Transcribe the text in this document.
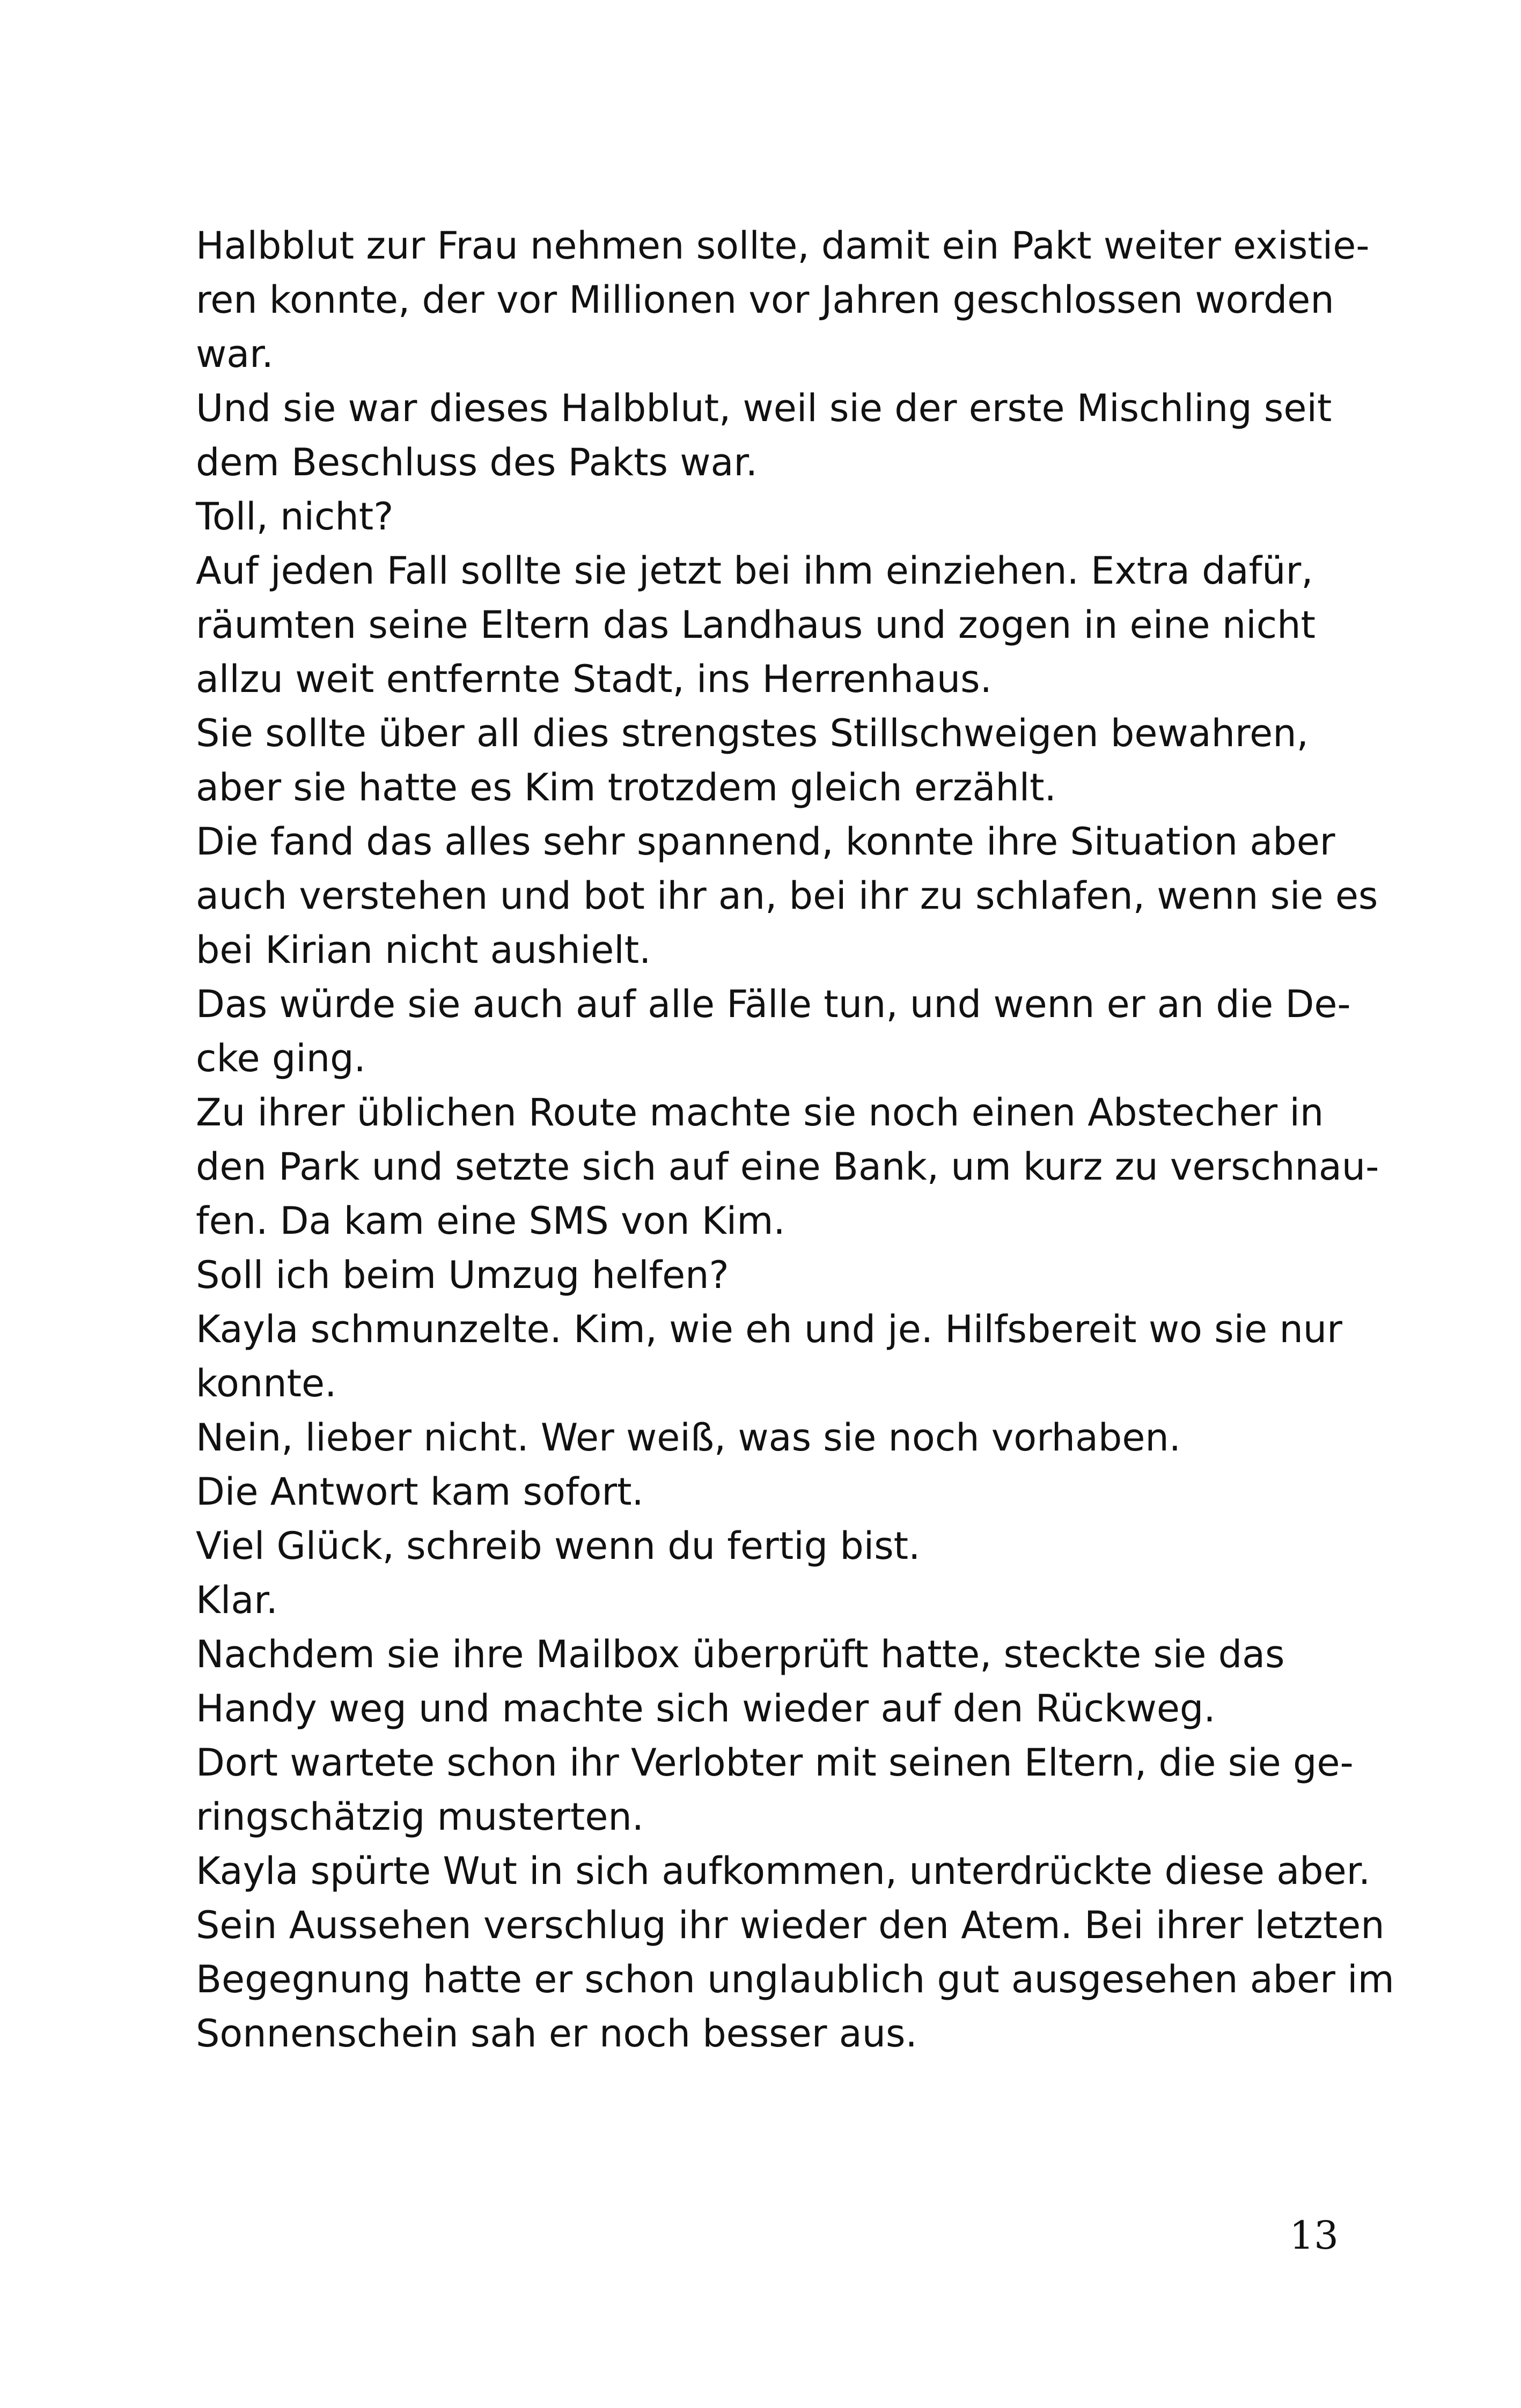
Halbblut zur Frau nehmen sollte, damit ein Pakt weiter existie-
ren konnte, der vor Millionen vor Jahren geschlossen worden
war.
Und sie war dieses Halbblut, weil sie der erste Mischling seit
dem Beschluss des Pakts war.
Toll, nicht?
Auf jeden Fall sollte sie jetzt bei ihm einziehen. Extra dafür,
räumten seine Eltern das Landhaus und zogen in eine nicht
allzu weit entfernte Stadt, ins Herrenhaus.
Sie sollte über all dies strengstes Stillschweigen bewahren,
aber sie hatte es Kim trotzdem gleich erzählt.
Die fand das alles sehr spannend, konnte ihre Situation aber
auch verstehen und bot ihr an, bei ihr zu schlafen, wenn sie es
bei Kirian nicht aushielt.
Das würde sie auch auf alle Fälle tun, und wenn er an die De-
cke ging.
Zu ihrer üblichen Route machte sie noch einen Abstecher in
den Park und setzte sich auf eine Bank, um kurz zu verschnau-
fen. Da kam eine SMS von Kim.
Soll ich beim Umzug helfen?
Kayla schmunzelte. Kim, wie eh und je. Hilfsbereit wo sie nur
konnte.
Nein, lieber nicht. Wer weiß, was sie noch vorhaben.
Die Antwort kam sofort.
Viel Glück, schreib wenn du fertig bist.
Klar.
Nachdem sie ihre Mailbox überprüft hatte, steckte sie das
Handy weg und machte sich wieder auf den Rückweg.
Dort wartete schon ihr Verlobter mit seinen Eltern, die sie ge-
ringschätzig musterten.
Kayla spürte Wut in sich aufkommen, unterdrückte diese aber.
Sein Aussehen verschlug ihr wieder den Atem. Bei ihrer letzten
Begegnung hatte er schon unglaublich gut ausgesehen aber im
Sonnenschein sah er noch besser aus.
13
